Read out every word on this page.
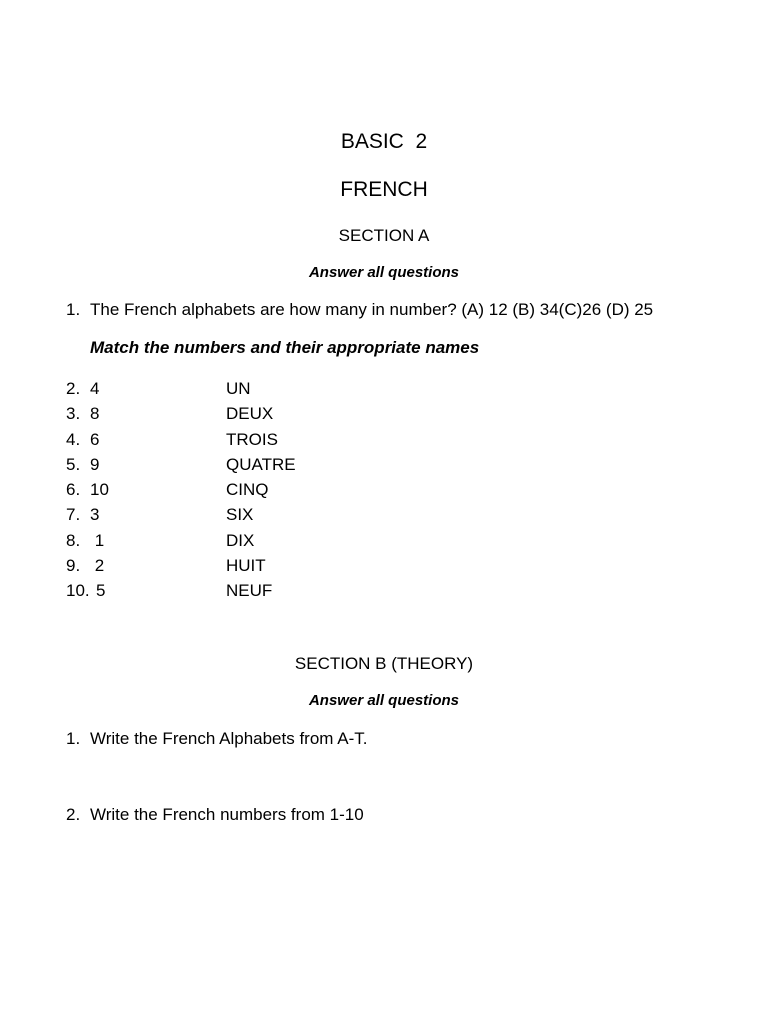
BASIC  2
FRENCH
SECTION A
Answer all questions
1. The French alphabets are how many in number? (A) 12 (B) 34(C)26 (D) 25
Match the numbers and their appropriate names
2. 4	UN
3. 8	DEUX
4. 6	TROIS
5. 9	QUATRE
6. 10	CINQ
7. 3	SIX
8. 1	DIX
9. 2	HUIT
10. 5	NEUF
SECTION B (THEORY)
Answer all questions
1. Write the French Alphabets from A-T.
2. Write the French numbers from 1-10
